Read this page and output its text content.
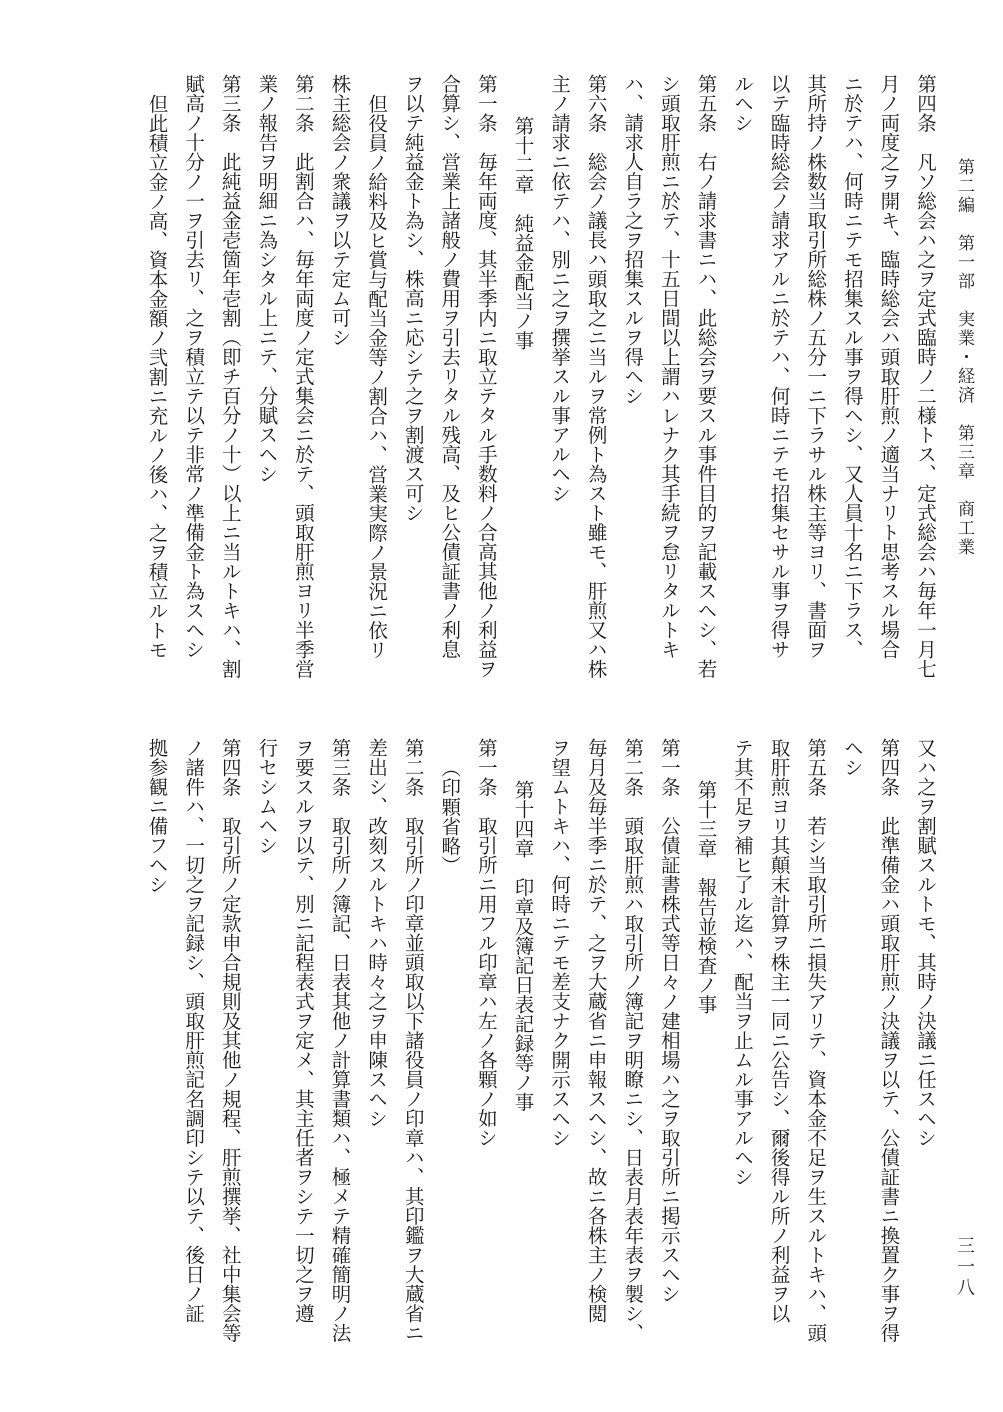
第二編　第一部　実業・経済　第三章　商工業
三一八
第四条　凡ソ総会ハ之ヲ定式臨時ノ二様トス、定式総会ハ毎年一月七
月ノ両度之ヲ開キ、臨時総会ハ頭取肝煎ノ適当ナリト思考スル場合
ニ於テハ、何時ニテモ招集スル事ヲ得ヘシ、又人員十名ニ下ラス、
其所持ノ株数当取引所総株ノ五分一ニ下ラサル株主等ヨリ、書面ヲ
以テ臨時総会ノ請求アルニ於テハ、何時ニテモ招集セサル事ヲ得サ
ルヘシ
第五条　右ノ請求書ニハ、此総会ヲ要スル事件目的ヲ記載スヘシ、若
シ頭取肝煎ニ於テ、十五日間以上謂ハレナク其手続ヲ怠リタルトキ
ハ、請求人自ラ之ヲ招集スルヲ得ヘシ
第六条　総会ノ議長ハ頭取之ニ当ルヲ常例ト為スト雖モ、肝煎又ハ株
主ノ請求ニ依テハ、別ニ之ヲ撰挙スル事アルヘシ
第十二章　純益金配当ノ事
第一条　毎年両度、其半季内ニ取立テタル手数料ノ合高其他ノ利益ヲ
合算シ、営業上諸般ノ費用ヲ引去リタル残高、及ヒ公債証書ノ利息
ヲ以テ純益金ト為シ、株高ニ応シテ之ヲ割渡ス可シ
但役員ノ給料及ヒ賞与配当金等ノ割合ハ、営業実際ノ景況ニ依リ
株主総会ノ衆議ヲ以テ定ム可シ
第二条　此割合ハ、毎年両度ノ定式集会ニ於テ、頭取肝煎ヨリ半季営
業ノ報告ヲ明細ニ為シタル上ニテ、分賦スヘシ
第三条　此純益金壱箇年壱割（即チ百分ノ十）以上ニ当ルトキハ、割
賦高ノ十分ノ一ヲ引去リ、之ヲ積立テ以テ非常ノ準備金ト為スヘシ
但此積立金ノ高、資本金額ノ弐割ニ充ルノ後ハ、之ヲ積立ルトモ
又ハ之ヲ割賦スルトモ、其時ノ決議ニ任スヘシ
第四条　此準備金ハ頭取肝煎ノ決議ヲ以テ、公債証書ニ換置ク事ヲ得
ヘシ
第五条　若シ当取引所ニ損失アリテ、資本金不足ヲ生スルトキハ、頭
取肝煎ヨリ其顛末計算ヲ株主一同ニ公告シ、爾後得ル所ノ利益ヲ以
テ其不足ヲ補ヒ了ル迄ハ、配当ヲ止ムル事アルヘシ
第十三章　報告並検査ノ事
第一条　公債証書株式等日々ノ建相場ハ之ヲ取引所ニ掲示スヘシ
第二条　頭取肝煎ハ取引所ノ簿記ヲ明瞭ニシ、日表月表年表ヲ製シ、
毎月及毎半季ニ於テ、之ヲ大蔵省ニ申報スヘシ、故ニ各株主ノ検閲
ヲ望ムトキハ、何時ニテモ差支ナク開示スヘシ
第十四章　印章及簿記日表記録等ノ事
第一条　取引所ニ用フル印章ハ左ノ各顆ノ如シ
（印顆省略）
第二条　取引所ノ印章並頭取以下諸役員ノ印章ハ、其印鑑ヲ大蔵省ニ
差出シ、改刻スルトキハ時々之ヲ申陳スヘシ
第三条　取引所ノ簿記、日表其他ノ計算書類ハ、極メテ精確簡明ノ法
ヲ要スルヲ以テ、別ニ記程表式ヲ定メ、其主任者ヲシテ一切之ヲ遵
行セシムヘシ
第四条　取引所ノ定款申合規則及其他ノ規程、肝煎撰挙、社中集会等
ノ諸件ハ、一切之ヲ記録シ、頭取肝煎記名調印シテ以テ、後日ノ証
拠参観ニ備フヘシ
